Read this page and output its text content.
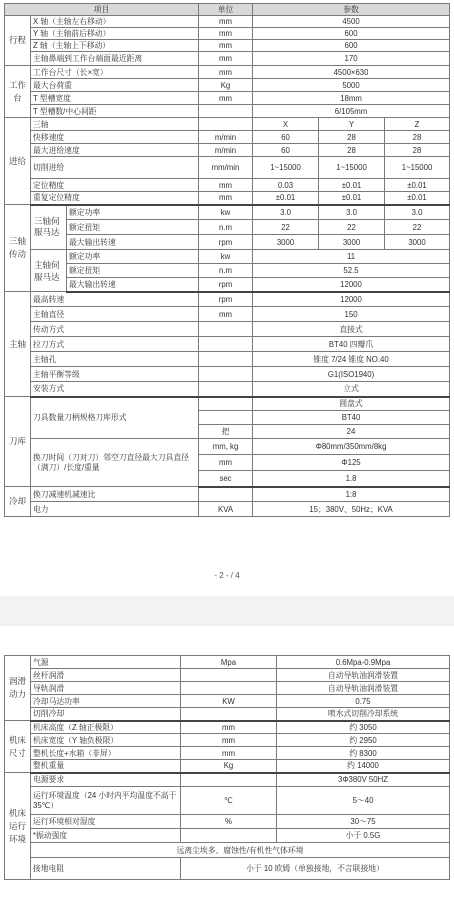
项目			单位	参数		
行程	X 轴（主轴左右移动）		mm	4500		
	Y 轴（主轴前后移动）		mm	600		
	Z 轴（主轴上下移动）		mm	600		
	主轴鼻端到工作台端面最近距离		mm	170		
工作台	工作台尺寸（长×宽）		mm	4500×630		
	最大台荷重		Kg	5000		
	T 型槽宽度		mm	18mm		
	T 型槽数/中心间距			6/105mm		
进给	三轴			X	Y	Z
	快移速度		m/min	60	28	28
	最大进给速度		m/min	60	28	28
	切削进给		mm/min	1~15000	1~15000	1~15000
	定位精度		mm	0.03	±0.01	±0.01
	重复定位精度		mm	±0.01	±0.01	±0.01
三轴传动	三轴伺服马达	额定功率	kw	3.0	3.0	3.0
		额定扭矩	n.m	22	22	22
		最大输出转速	rpm	3000	3000	3000
	主轴伺服马达	额定功率	kw	11		
		额定扭矩	n.m	52.5		
		最大输出转速	rpm	12000		
主轴	最高转速		rpm	12000		
	主轴直径		mm	150		
	传动方式			直接式		
	拉刀方式			BT40 四瓣爪		
	主轴孔			锥度 7/24 锥度 NO.40		
	主轴平衡等级			G1(ISO1940)		
	安装方式			立式		
刀库	刀具数量刀柄规格刀库形式			圆盘式		
				BT40		
			把	24		
	换刀时间（刀对刀）邻空刀直径最大刀具直径（满刀）/长度/重量		mm, kg	Φ80mm/350mm/8kg		
			mm	Φ125		
			sec	1.8		
冷却	换刀减速机减速比			1:8		
	电力		KVA	15；380V、50Hz；KVA		
- 2 - / 4
润滑动力	气源	Mpa	0.6Mpa-0.9Mpa
	丝杆润滑		自动导轨油润滑装置
	导轨润滑		自动导轨油润滑装置
	冷却马达功率	KW	0.75
	切削冷却		喷水式切削冷却系统
机床尺寸	机床高度（Z 轴正极限）	mm	约 3050
	机床宽度（Y 轴负极限）	mm	约 2950
	整机长度+水箱（非屏）	mm	约 8300
	整机重量	Kg	约 14000
机床运行环境	电源要求		3Φ380V 50HZ
	运行环境温度（24 小时内平均温度不高于 35℃）	℃	5～40
	运行环境相对湿度	%	30～75
	*振动强度		小于 0.5G
	远离尘埃多、腐蚀性/有机性气体环境		
	接地电阻	小于 10 欧姆（单独接地，不言联接地）	
